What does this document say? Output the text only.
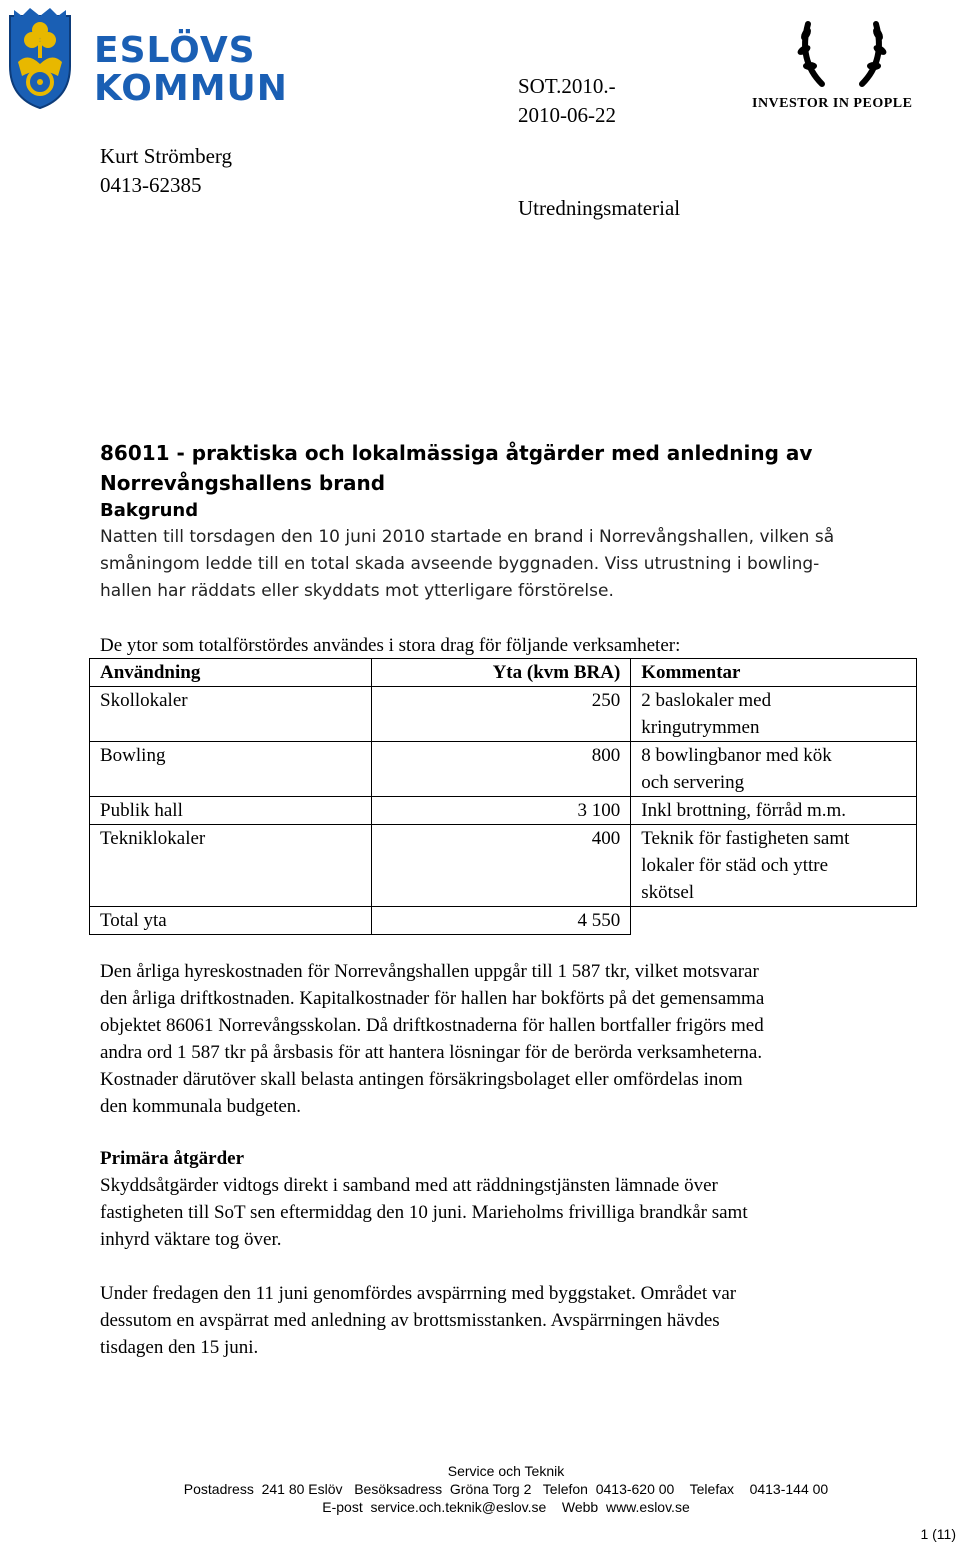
ESLÖVS
KOMMUN	SOT.2010.-
2010-06-22	INVESTOR IN PEOPLE
Kurt Strömberg
0413-62385
Utredningsmaterial
86011 - praktiska och lokalmässiga åtgärder med anledning av
Norrevångshallens brand
Bakgrund
Natten till torsdagen den 10 juni 2010 startade en brand i Norrevångshallen, vilken så
småningom ledde till en total skada avseende byggnaden. Viss utrustning i bowling-
hallen har räddats eller skyddats mot ytterligare förstörelse.
De ytor som totalförstördes användes i stora drag för följande verksamheter:
Användning	Yta (kvm BRA)	Kommentar
Skollokaler	250	2 baslokaler med
kringutrymmen

Bowling	800	8 bowlingbanor med kök
och servering

Publik hall	3 100	Inkl brottning, förråd m.m.

Tekniklokaler	400	Teknik för fastigheten samt
lokaler för städ och yttre
skötsel

Total yta	4 550	
Den årliga hyreskostnaden för Norrevångshallen uppgår till 1 587 tkr, vilket motsvarar
den årliga driftkostnaden. Kapitalkostnader för hallen har bokförts på det gemensamma
objektet 86061 Norrevångsskolan. Då driftkostnaderna för hallen bortfaller frigörs med
andra ord 1 587 tkr på årsbasis för att hantera lösningar för de berörda verksamheterna.
Kostnader därutöver skall belasta antingen försäkringsbolaget eller omfördelas inom
den kommunala budgeten.
Primära åtgärder
Skyddsåtgärder vidtogs direkt i samband med att räddningstjänsten lämnade över
fastigheten till SoT sen eftermiddag den 10 juni. Marieholms frivilliga brandkår samt
inhyrd väktare tog över.
Under fredagen den 11 juni genomfördes avspärrning med byggstaket. Området var
dessutom en avspärrat med anledning av brottsmisstanken. Avspärrningen hävdes
tisdagen den 15 juni.
Service och Teknik
Postadress  241 80 Eslöv   Besöksadress  Gröna Torg 2   Telefon  0413-620 00    Telefax    0413-144 00
E-post  service.och.teknik@eslov.se    Webb  www.eslov.se
1 (11)
